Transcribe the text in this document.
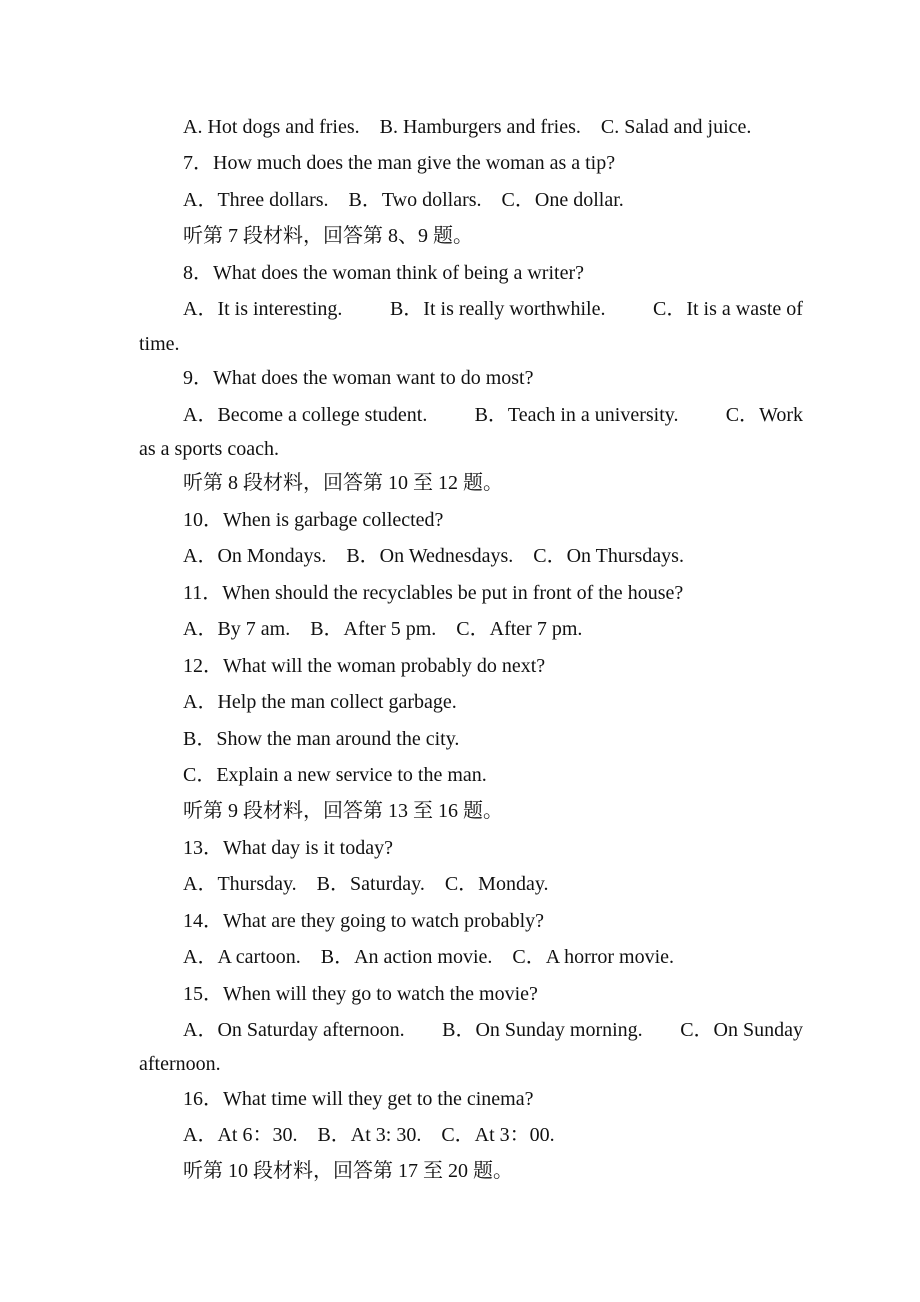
A. Hot dogs and fries.    B. Hamburgers and fries.    C. Salad and juice.
7．How much does the man give the woman as a tip?
A．Three dollars.    B．Two dollars.    C．One dollar.
听第 7 段材料，回答第 8、9 题。
8．What does the woman think of being a writer?
A．It is interesting. B．It is really worthwhile. C．It is a waste of
time.
9．What does the woman want to do most?
A．Become a college student. B．Teach in a university. C．Work
as a sports coach.
听第 8 段材料，回答第 10 至 12 题。
10．When is garbage collected?
A．On Mondays.    B．On Wednesdays.    C．On Thursdays.
11．When should the recyclables be put in front of the house?
A．By 7 am.    B．After 5 pm.    C．After 7 pm.
12．What will the woman probably do next?
A．Help the man collect garbage.
B．Show the man around the city.
C．Explain a new service to the man.
听第 9 段材料，回答第 13 至 16 题。
13．What day is it today?
A．Thursday.    B．Saturday.    C．Monday.
14．What are they going to watch probably?
A．A cartoon.    B．An action movie.    C．A horror movie.
15．When will they go to watch the movie?
A．On Saturday afternoon. B．On Sunday morning. C．On Sunday
afternoon.
16．What time will they get to the cinema?
A．At 6：30.    B．At 3: 30.    C．At 3：00.
听第 10 段材料，回答第 17 至 20 题。
